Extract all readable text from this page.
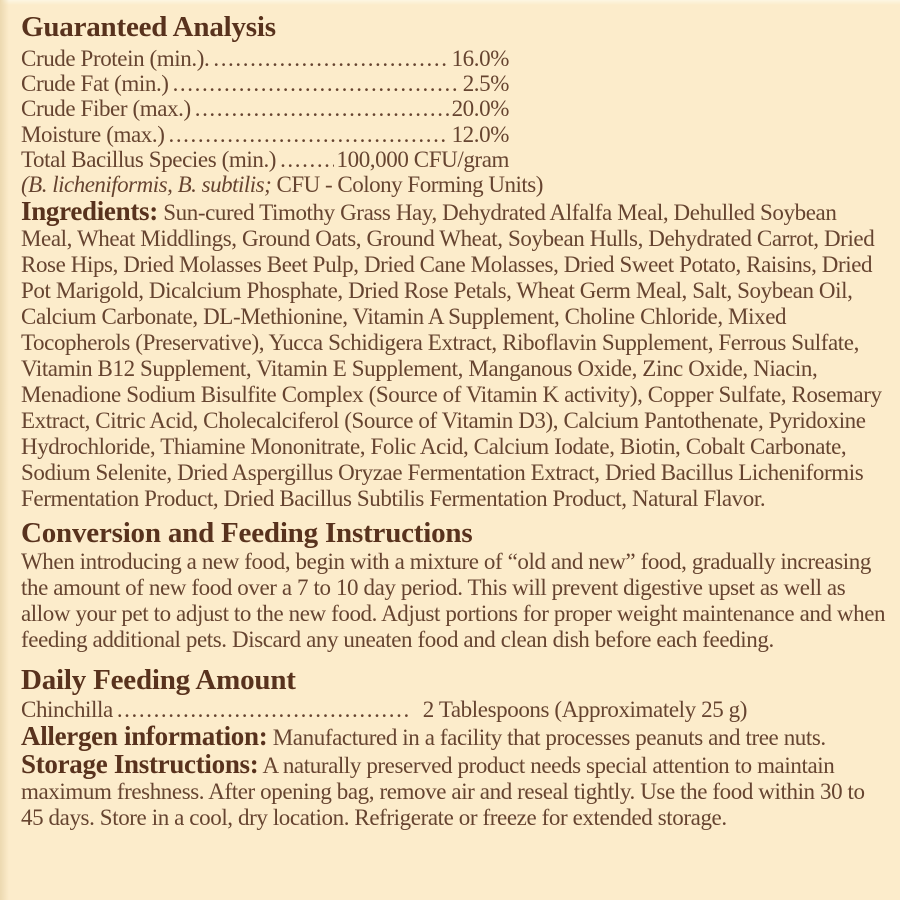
Guaranteed Analysis
Crude Protein (min.). .....	16.0%
Crude Fat (min.) .....	2.5%
Crude Fiber (max.) .....	20.0%
Moisture (max.) .....	12.0%
Total Bacillus Species (min.) .....	100,000 CFU/gram
(B. licheniformis, B. subtilis; CFU - Colony Forming Units)

Ingredients: Sun-cured Timothy Grass Hay, Dehydrated Alfalfa Meal, Dehulled Soybean Meal, Wheat Middlings, Ground Oats, Ground Wheat, Soybean Hulls, Dehydrated Carrot, Dried Rose Hips, Dried Molasses Beet Pulp, Dried Cane Molasses, Dried Sweet Potato, Raisins, Dried Pot Marigold, Dicalcium Phosphate, Dried Rose Petals, Wheat Germ Meal, Salt, Soybean Oil, Calcium Carbonate, DL-Methionine, Vitamin A Supplement, Choline Chloride, Mixed Tocopherols (Preservative), Yucca Schidigera Extract, Riboflavin Supplement, Ferrous Sulfate, Vitamin B12 Supplement, Vitamin E Supplement, Manganous Oxide, Zinc Oxide, Niacin, Menadione Sodium Bisulfite Complex (Source of Vitamin K activity), Copper Sulfate, Rosemary Extract, Citric Acid, Cholecalciferol (Source of Vitamin D3), Calcium Pantothenate, Pyridoxine Hydrochloride, Thiamine Mononitrate, Folic Acid, Calcium Iodate, Biotin, Cobalt Carbonate, Sodium Selenite, Dried Aspergillus Oryzae Fermentation Extract, Dried Bacillus Licheniformis Fermentation Product, Dried Bacillus Subtilis Fermentation Product, Natural Flavor.

Conversion and Feeding Instructions

When introducing a new food, begin with a mixture of “old and new” food, gradually increasing the amount of new food over a 7 to 10 day period. This will prevent digestive upset as well as allow your pet to adjust to the new food. Adjust portions for proper weight maintenance and when feeding additional pets. Discard any uneaten food and clean dish before each feeding.

Daily Feeding Amount
Chinchilla .....	2 Tablespoons (Approximately 25 g)

Allergen information: Manufactured in a facility that processes peanuts and tree nuts.

Storage Instructions: A naturally preserved product needs special attention to maintain maximum freshness. After opening bag, remove air and reseal tightly. Use the food within 30 to 45 days. Store in a cool, dry location. Refrigerate or freeze for extended storage.
